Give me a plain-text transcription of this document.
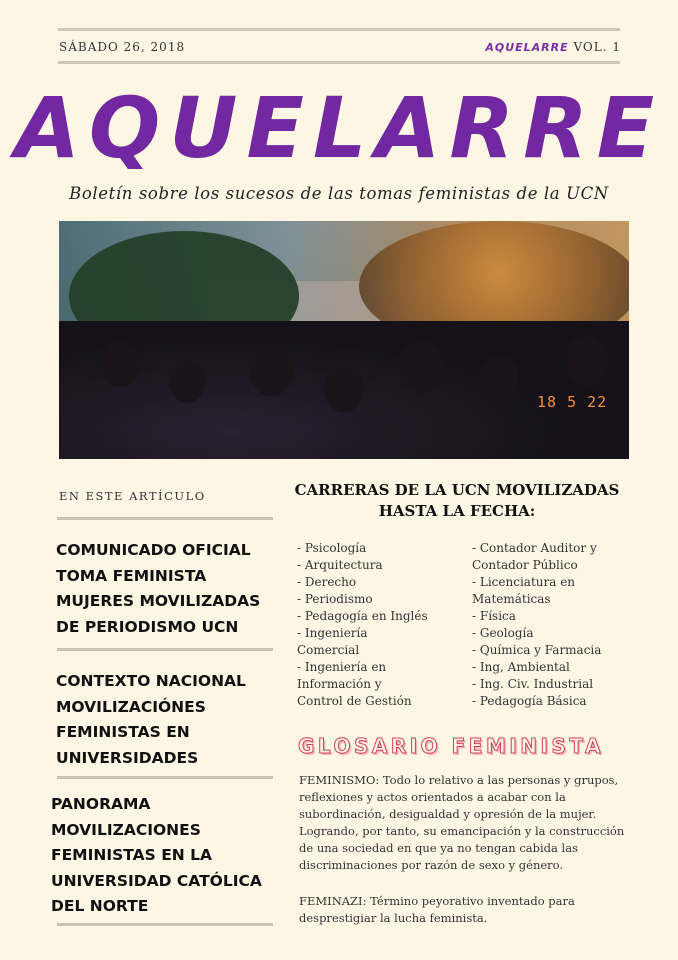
SÁBADO 26, 2018	AQUELARRE VOL. 1
AQUELARRE
Boletín sobre los sucesos de las tomas feministas de la UCN
18 5 22
EN ESTE ARTÍCULO
COMUNICADO OFICIAL
TOMA FEMINISTA
MUJERES MOVILIZADAS
DE PERIODISMO UCN
CONTEXTO NACIONAL
MOVILIZACIÓNES
FEMINISTAS EN
UNIVERSIDADES
PANORAMA
MOVILIZACIONES
FEMINISTAS EN LA
UNIVERSIDAD CATÓLICA
DEL NORTE
CARRERAS DE LA UCN MOVILIZADAS
HASTA LA FECHA:
- Psicología
- Arquitectura
- Derecho
- Periodismo
- Pedagogía en Inglés
- Ingeniería
Comercial
- Ingeniería en
Información y
Control de Gestión
- Contador Auditor y
Contador Público
- Licenciatura en
Matemáticas
- Física
- Geología
- Química y Farmacia
- Ing, Ambiental
- Ing. Civ. Industrial
- Pedagogía Básica
GLOSARIO FEMINISTA
FEMINISMO: Todo lo relativo a las personas y grupos,
reflexiones y actos orientados a acabar con la
subordinación, desigualdad y opresión de la mujer.
Logrando, por tanto, su emancipación y la construcción
de una sociedad en que ya no tengan cabida las
discriminaciones por razón de sexo y género.
FEMINAZI: Término peyorativo inventado para
desprestigiar la lucha feminista.
